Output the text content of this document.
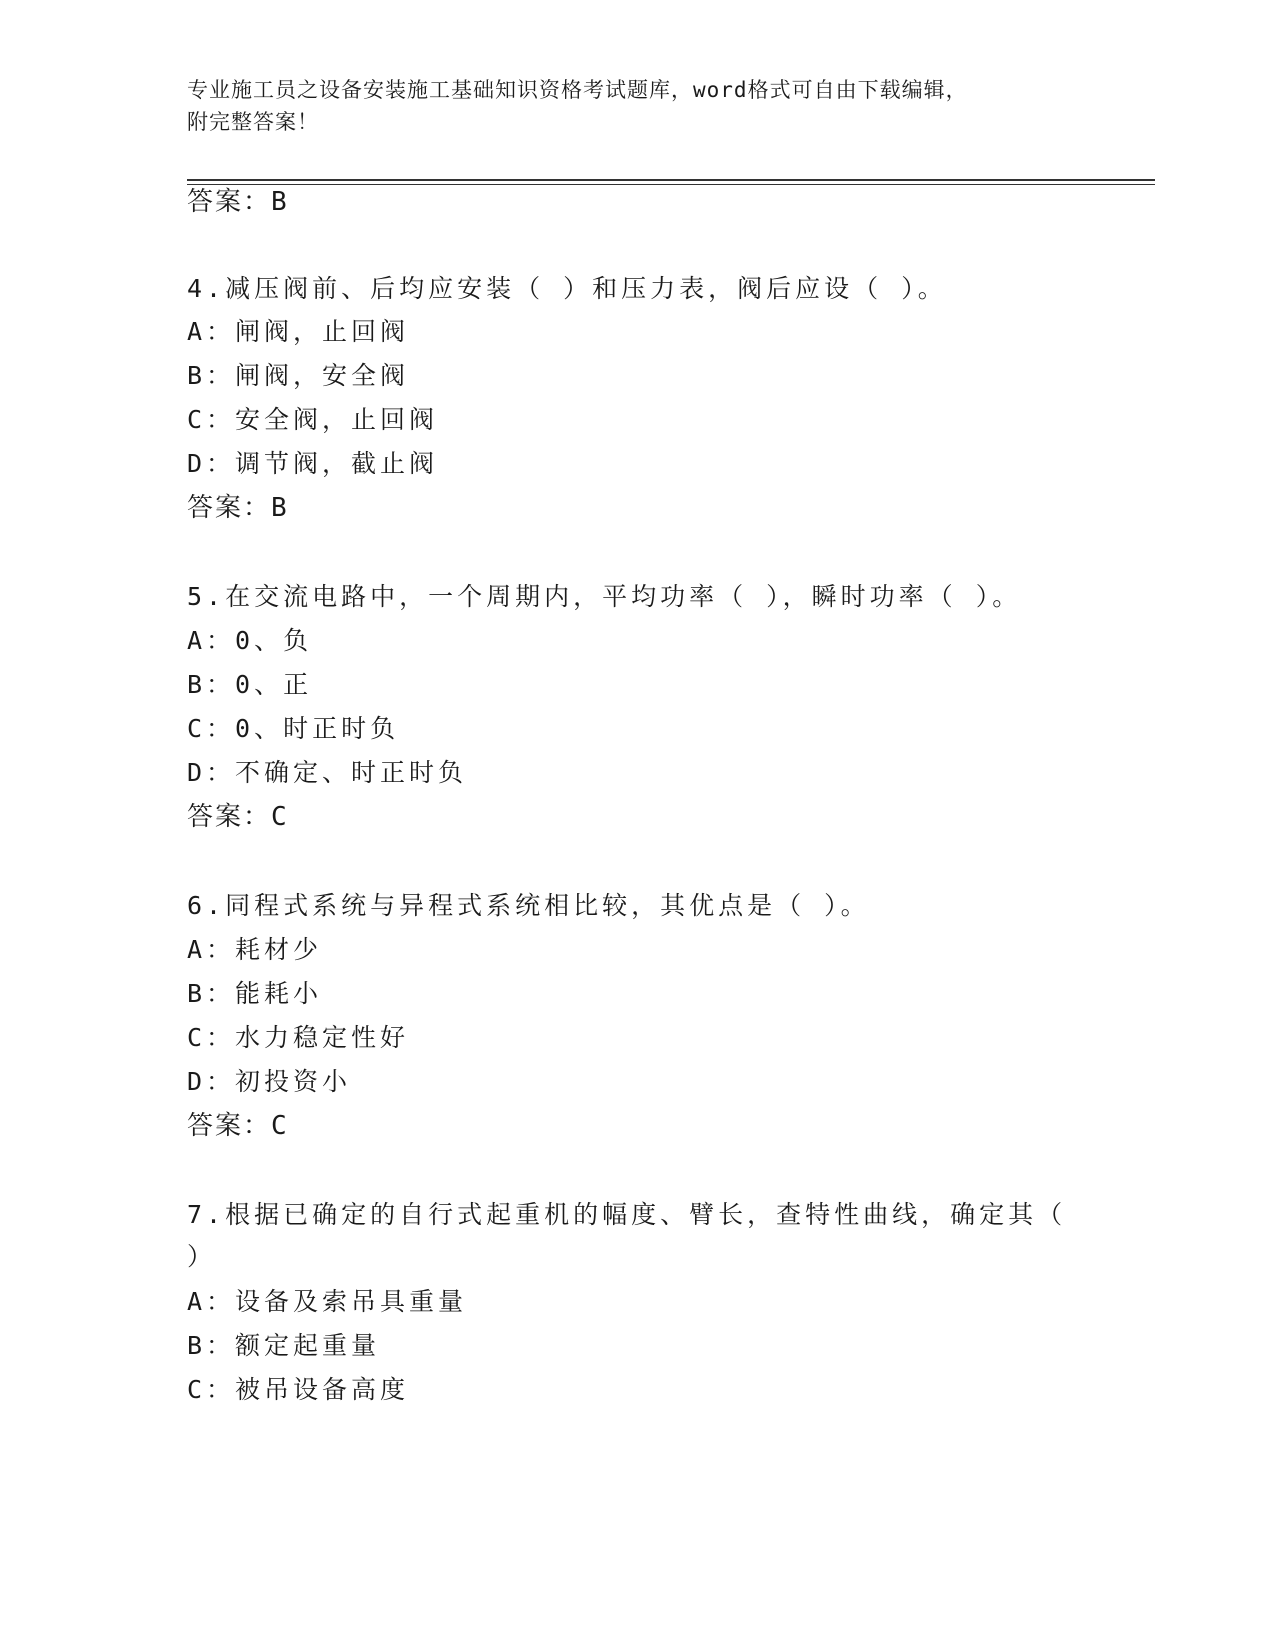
专业施工员之设备安装施工基础知识资格考试题库，word格式可自由下载编辑，
附完整答案！
答案：B
4.减压阀前、后均应安装（ ）和压力表，阀后应设（ ）。
A：闸阀，止回阀
B：闸阀，安全阀
C：安全阀，止回阀
D：调节阀，截止阀
答案：B
5.在交流电路中，一个周期内，平均功率（ ），瞬时功率（ ）。
A：0、负
B：0、正
C：0、时正时负
D：不确定、时正时负
答案：C
6.同程式系统与异程式系统相比较，其优点是（ ）。
A：耗材少
B：能耗小
C：水力稳定性好
D：初投资小
答案：C
7.根据已确定的自行式起重机的幅度、臂长，查特性曲线，确定其（
）
A：设备及索吊具重量
B：额定起重量
C：被吊设备高度
